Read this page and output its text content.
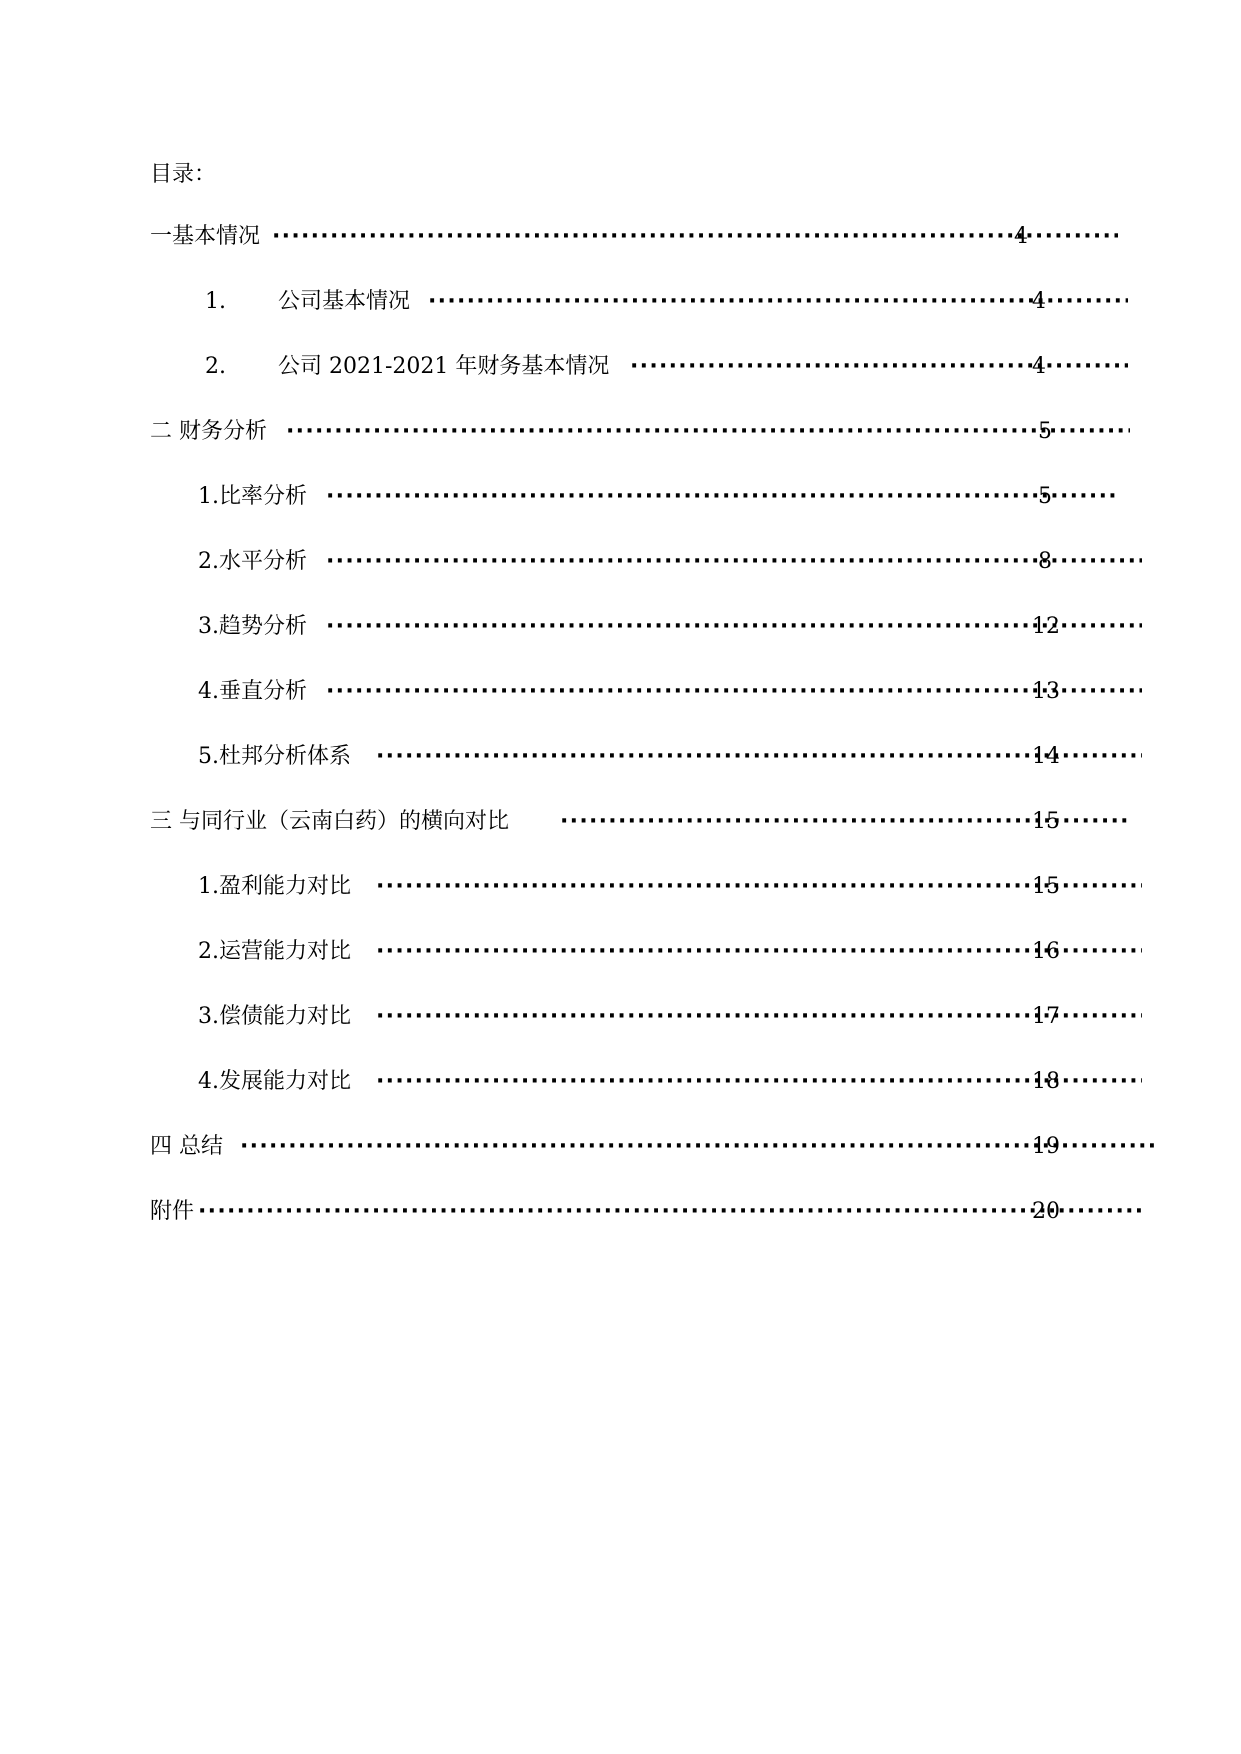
目录：
一基本情况 ·····	4
1. 公司基本情况 ·····	4
2. 公司 2021-2021 年财务基本情况 ·····	4
二 财务分析 ·····	5
1.比率分析 ·····	5
2.水平分析 ·····	8
3.趋势分析 ·····	12
4.垂直分析 ·····	13
5.杜邦分析体系 ·····	14
三 与同行业（云南白药）的横向对比 ·····	15
1.盈利能力对比 ·····	15
2.运营能力对比 ·····	16
3.偿债能力对比 ·····	17
4.发展能力对比 ·····	18
四 总结 ·····	19
附件 ·····	20
